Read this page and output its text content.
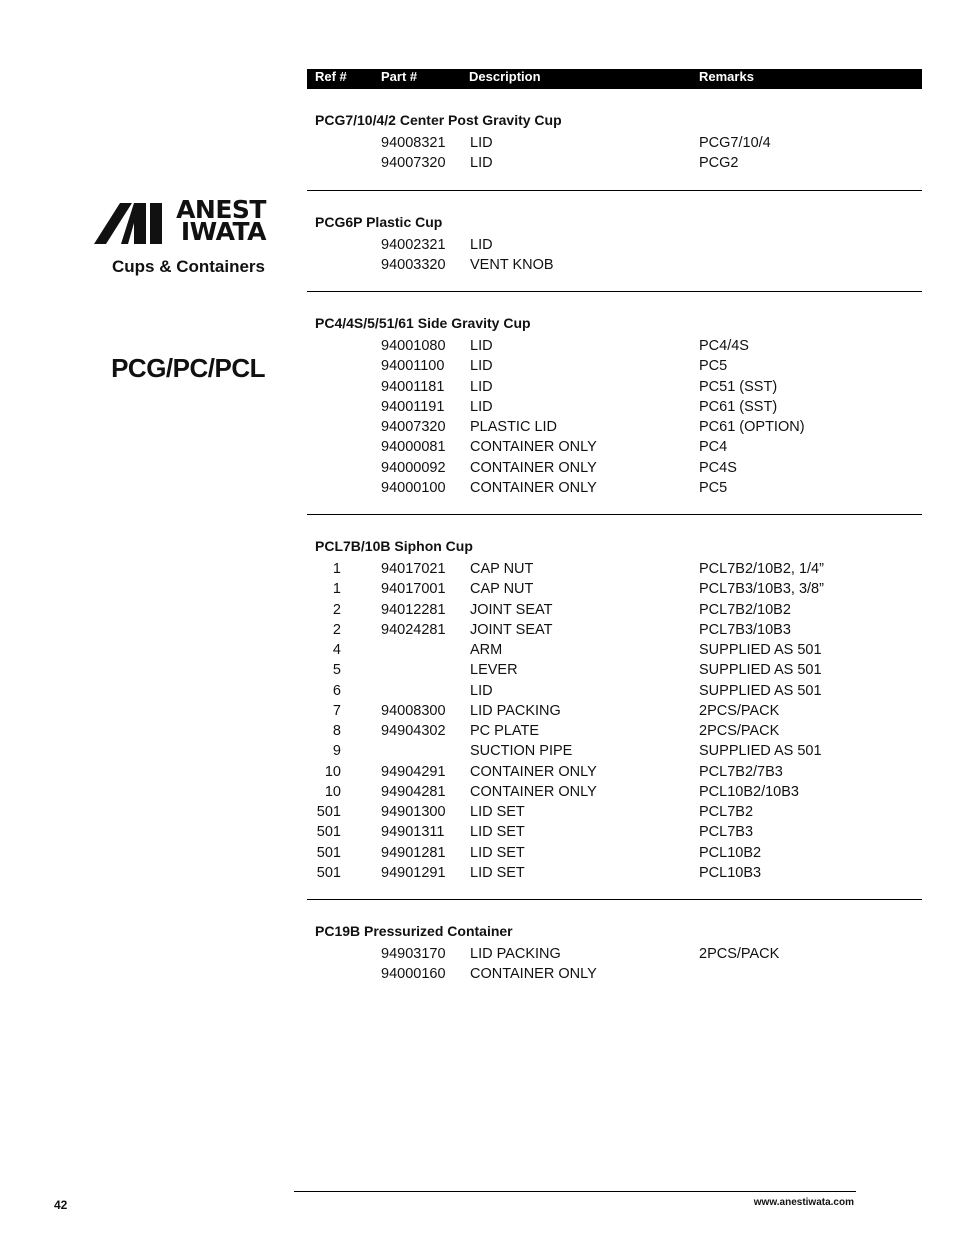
ANEST
IWATA
Cups & Containers
PCG/PC/PCL
Ref #	Part #	Description	Remarks
PCG7/10/4/2 Center Post Gravity Cup
94008321 LID	PCG7/10/4
94007320 LID	PCG2
PCG6P Plastic Cup
94002321 LID
94003320 VENT KNOB
PC4/4S/5/51/61 Side Gravity Cup
94001080 LID	PC4/4S
94001100 LID	PC5
94001181 LID	PC51 (SST)
94001191 LID	PC61 (SST)
94007320 PLASTIC LID	PC61 (OPTION)
94000081 CONTAINER ONLY	PC4
94000092 CONTAINER ONLY	PC4S
94000100 CONTAINER ONLY	PC5
PCL7B/10B Siphon Cup
1	94017021 CAP NUT	PCL7B2/10B2, 1/4”
1	94017001 CAP NUT	PCL7B3/10B3, 3/8”
2	94012281 JOINT SEAT	PCL7B2/10B2
2	94024281 JOINT SEAT	PCL7B3/10B3
4	ARM	SUPPLIED AS 501
5	LEVER	SUPPLIED AS 501
6	LID	SUPPLIED AS 501
7	94008300 LID PACKING	2PCS/PACK
8	94904302 PC PLATE	2PCS/PACK
9	SUCTION PIPE	SUPPLIED AS 501
10	94904291 CONTAINER ONLY	PCL7B2/7B3
10	94904281 CONTAINER ONLY	PCL10B2/10B3
501	94901300 LID SET	PCL7B2
501	94901311 LID SET	PCL7B3
501	94901281 LID SET	PCL10B2
501	94901291 LID SET	PCL10B3
PC19B Pressurized Container
94903170 LID PACKING	2PCS/PACK
94000160 CONTAINER ONLY
42	www.anestiwata.com
